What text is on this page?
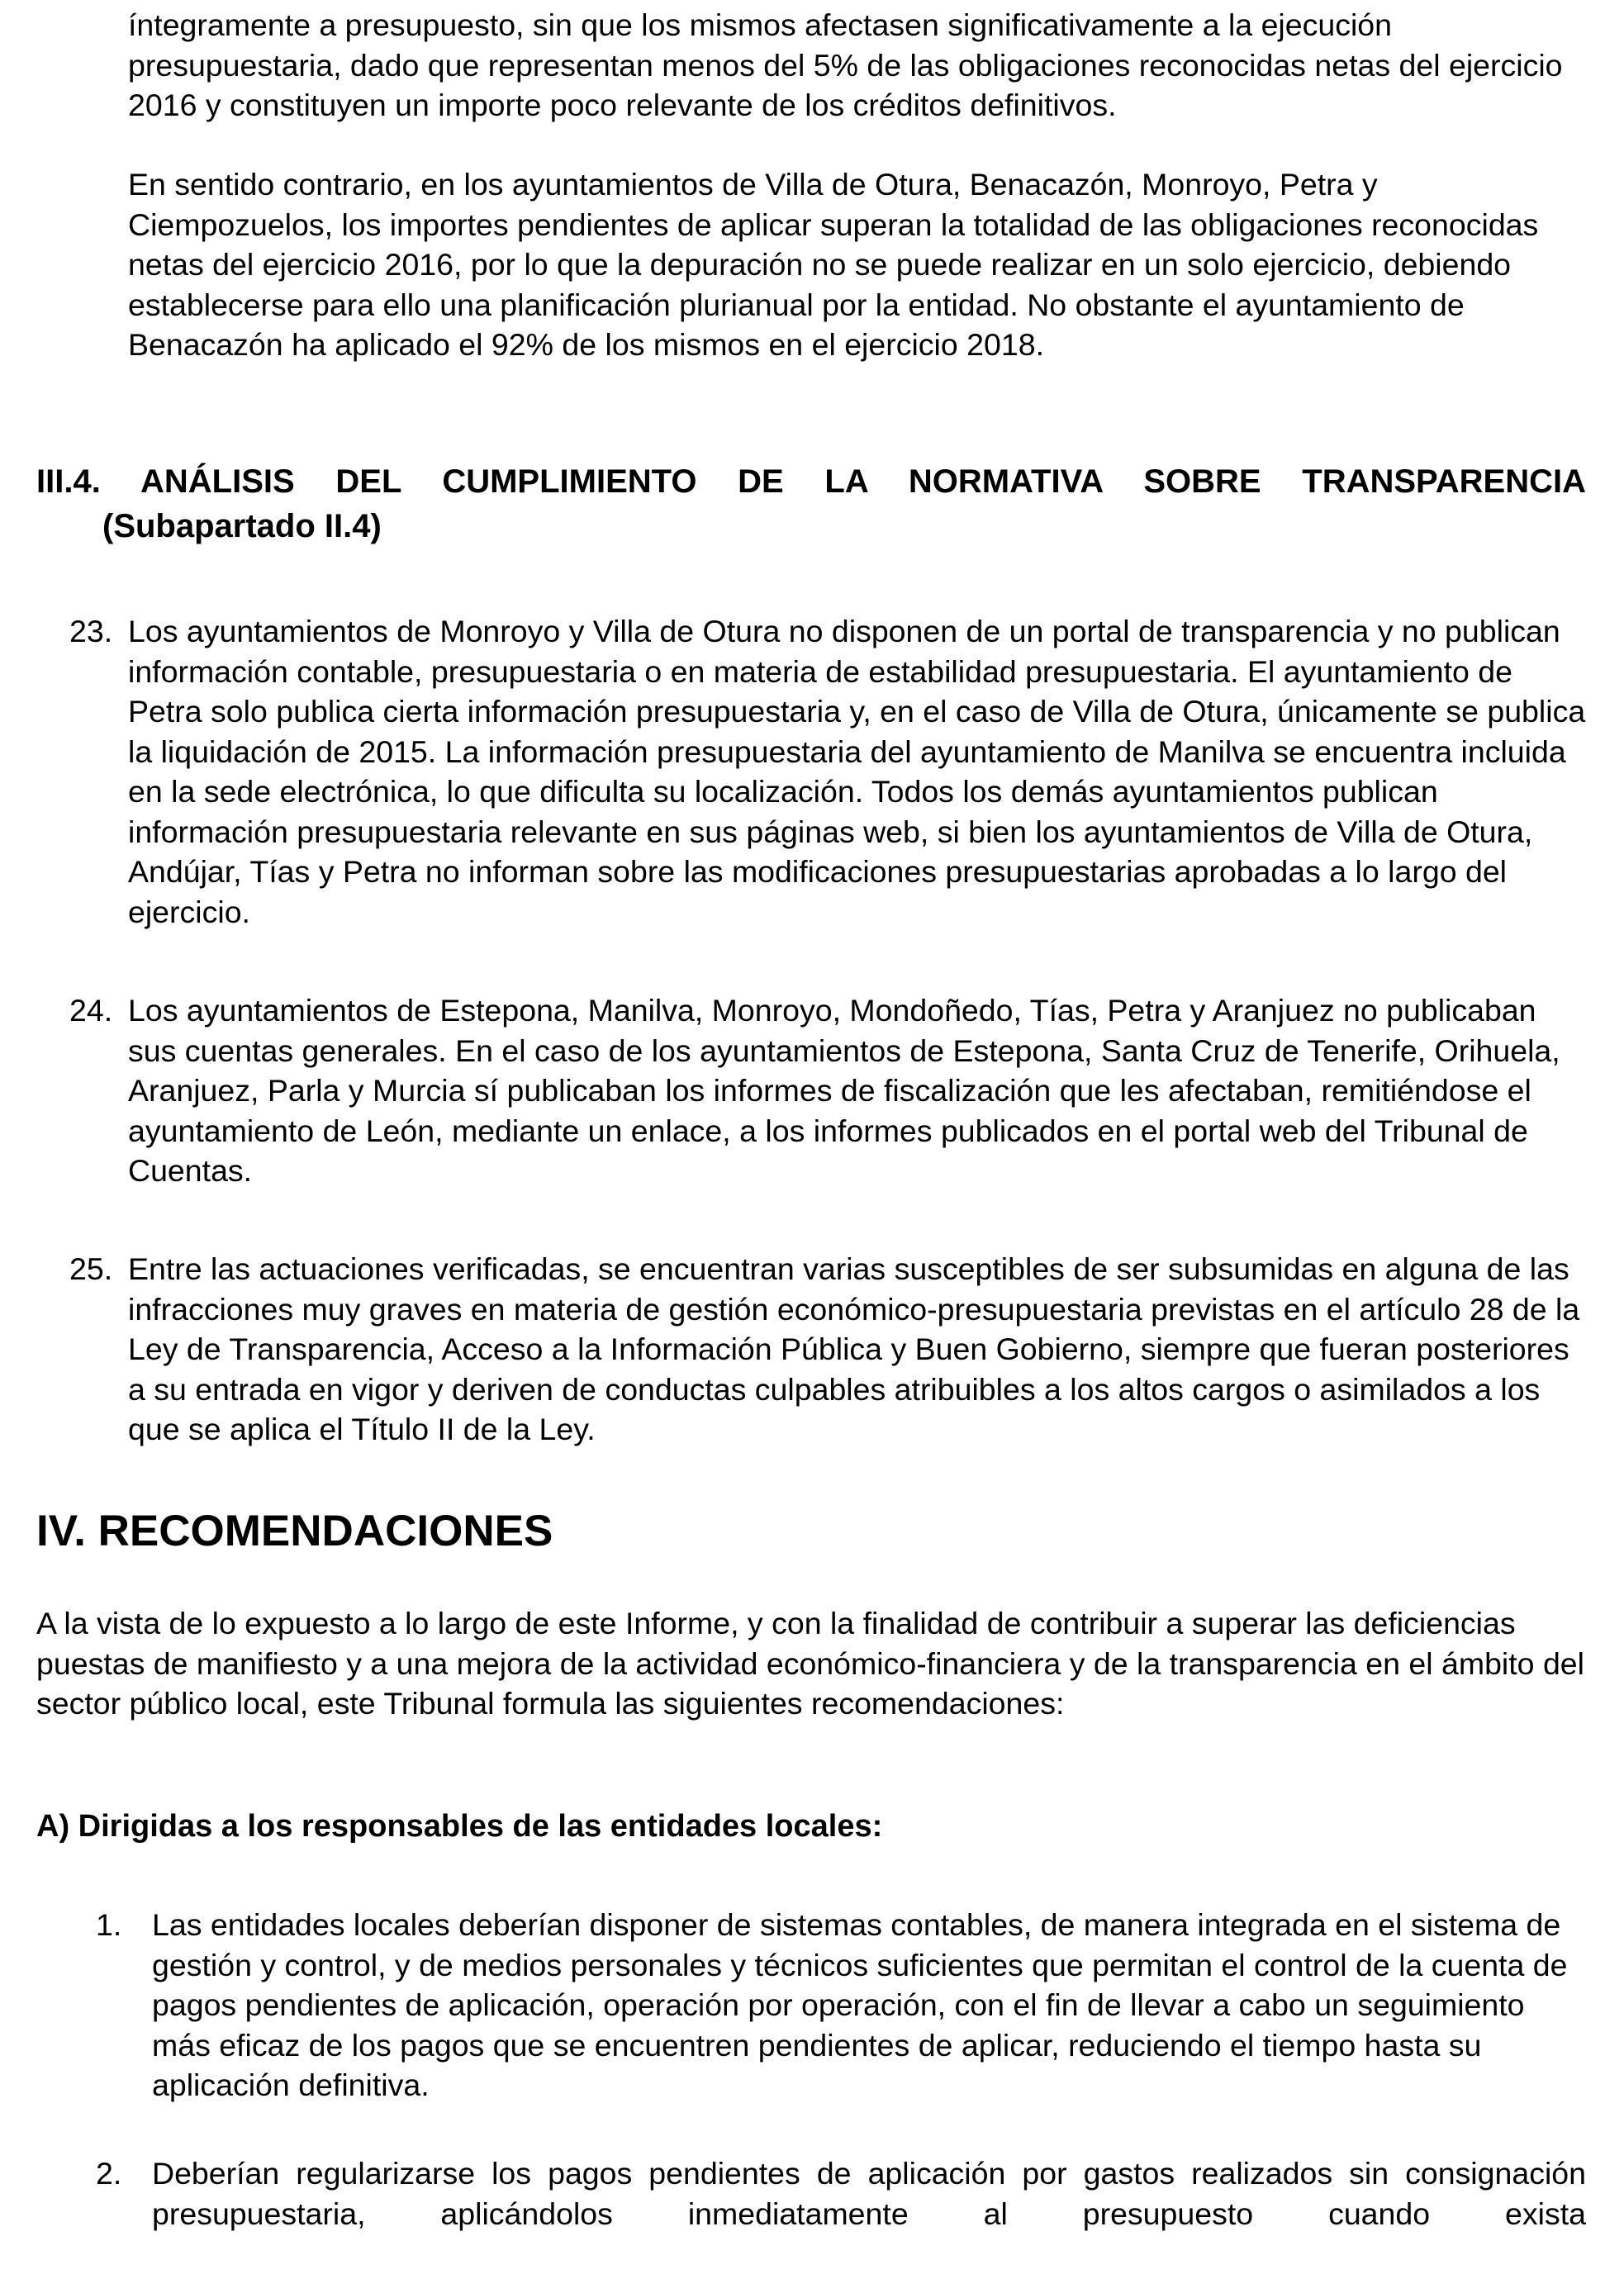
íntegramente a presupuesto, sin que los mismos afectasen significativamente a la ejecución presupuestaria, dado que representan menos del 5% de las obligaciones reconocidas netas del ejercicio 2016 y constituyen un importe poco relevante de los créditos definitivos.

En sentido contrario, en los ayuntamientos de Villa de Otura, Benacazón, Monroyo, Petra y Ciempozuelos, los importes pendientes de aplicar superan la totalidad de las obligaciones reconocidas netas del ejercicio 2016, por lo que la depuración no se puede realizar en un solo ejercicio, debiendo establecerse para ello una planificación plurianual por la entidad. No obstante el ayuntamiento de Benacazón ha aplicado el 92% de los mismos en el ejercicio 2018.

III.4. ANÁLISIS DEL CUMPLIMIENTO DE LA NORMATIVA SOBRE TRANSPARENCIA
(Subapartado II.4)
23. Los ayuntamientos de Monroyo y Villa de Otura no disponen de un portal de transparencia y no publican información contable, presupuestaria o en materia de estabilidad presupuestaria. El ayuntamiento de Petra solo publica cierta información presupuestaria y, en el caso de Villa de Otura, únicamente se publica la liquidación de 2015. La información presupuestaria del ayuntamiento de Manilva se encuentra incluida en la sede electrónica, lo que dificulta su localización. Todos los demás ayuntamientos publican información presupuestaria relevante en sus páginas web, si bien los ayuntamientos de Villa de Otura, Andújar, Tías y Petra no informan sobre las modificaciones presupuestarias aprobadas a lo largo del ejercicio.

24. Los ayuntamientos de Estepona, Manilva, Monroyo, Mondoñedo, Tías, Petra y Aranjuez no publicaban sus cuentas generales. En el caso de los ayuntamientos de Estepona, Santa Cruz de Tenerife, Orihuela, Aranjuez, Parla y Murcia sí publicaban los informes de fiscalización que les afectaban, remitiéndose el ayuntamiento de León, mediante un enlace, a los informes publicados en el portal web del Tribunal de Cuentas.

25. Entre las actuaciones verificadas, se encuentran varias susceptibles de ser subsumidas en alguna de las infracciones muy graves en materia de gestión económico-presupuestaria previstas en el artículo 28 de la Ley de Transparencia, Acceso a la Información Pública y Buen Gobierno, siempre que fueran posteriores a su entrada en vigor y deriven de conductas culpables atribuibles a los altos cargos o asimilados a los que se aplica el Título II de la Ley.

IV. RECOMENDACIONES

A la vista de lo expuesto a lo largo de este Informe, y con la finalidad de contribuir a superar las deficiencias puestas de manifiesto y a una mejora de la actividad económico-financiera y de la transparencia en el ámbito del sector público local, este Tribunal formula las siguientes recomendaciones:

A) Dirigidas a los responsables de las entidades locales:
1. Las entidades locales deberían disponer de sistemas contables, de manera integrada en el sistema de gestión y control, y de medios personales y técnicos suficientes que permitan el control de la cuenta de pagos pendientes de aplicación, operación por operación, con el fin de llevar a cabo un seguimiento más eficaz de los pagos que se encuentren pendientes de aplicar, reduciendo el tiempo hasta su aplicación definitiva.

2. Deberían regularizarse los pagos pendientes de aplicación por gastos realizados sin consignación presupuestaria, aplicándolos inmediatamente al presupuesto cuando exista
